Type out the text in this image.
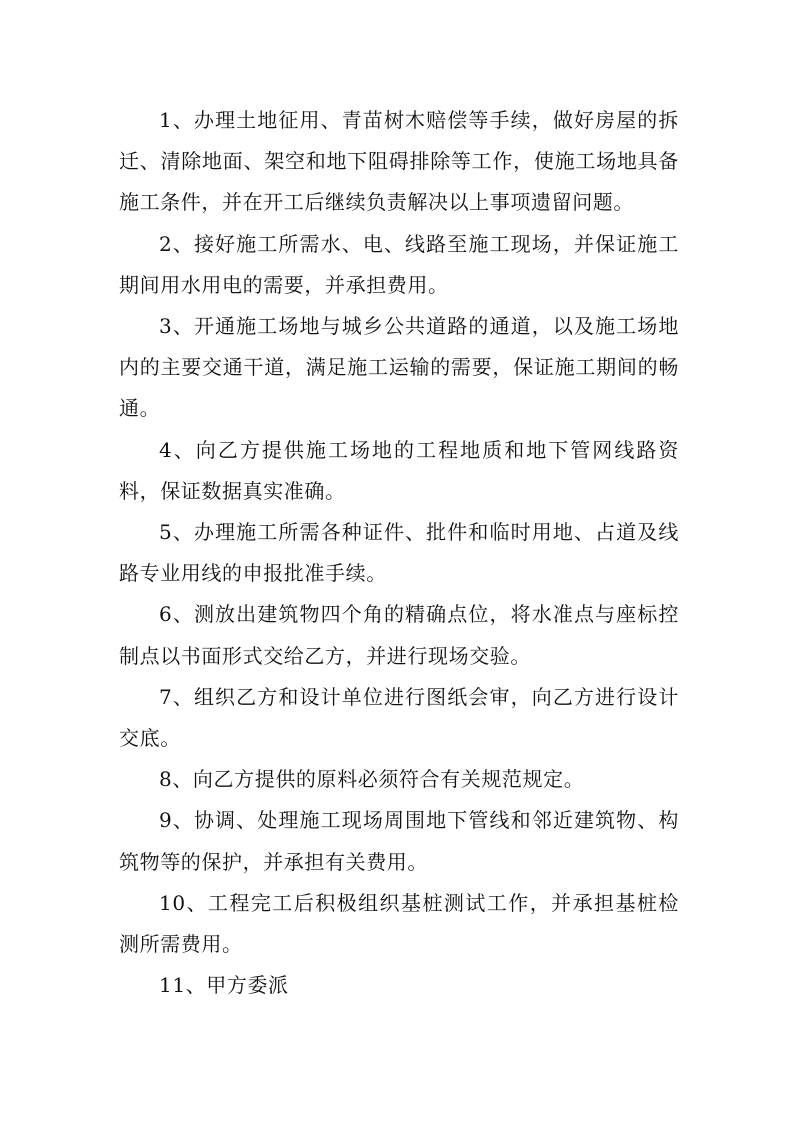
1、办理土地征用、青苗树木赔偿等手续，做好房屋的拆迁、清除地面、架空和地下阻碍排除等工作，使施工场地具备施工条件，并在开工后继续负责解决以上事项遗留问题。

2、接好施工所需水、电、线路至施工现场，并保证施工期间用水用电的需要，并承担费用。

3、开通施工场地与城乡公共道路的通道，以及施工场地内的主要交通干道，满足施工运输的需要，保证施工期间的畅通。

4、向乙方提供施工场地的工程地质和地下管网线路资料，保证数据真实准确。

5、办理施工所需各种证件、批件和临时用地、占道及线路专业用线的申报批准手续。

6、测放出建筑物四个角的精确点位，将水准点与座标控制点以书面形式交给乙方，并进行现场交验。

7、组织乙方和设计单位进行图纸会审，向乙方进行设计交底。

8、向乙方提供的原料必须符合有关规范规定。

9、协调、处理施工现场周围地下管线和邻近建筑物、构筑物等的保护，并承担有关费用。

10、工程完工后积极组织基桩测试工作，并承担基桩检测所需费用。

11、甲方委派
